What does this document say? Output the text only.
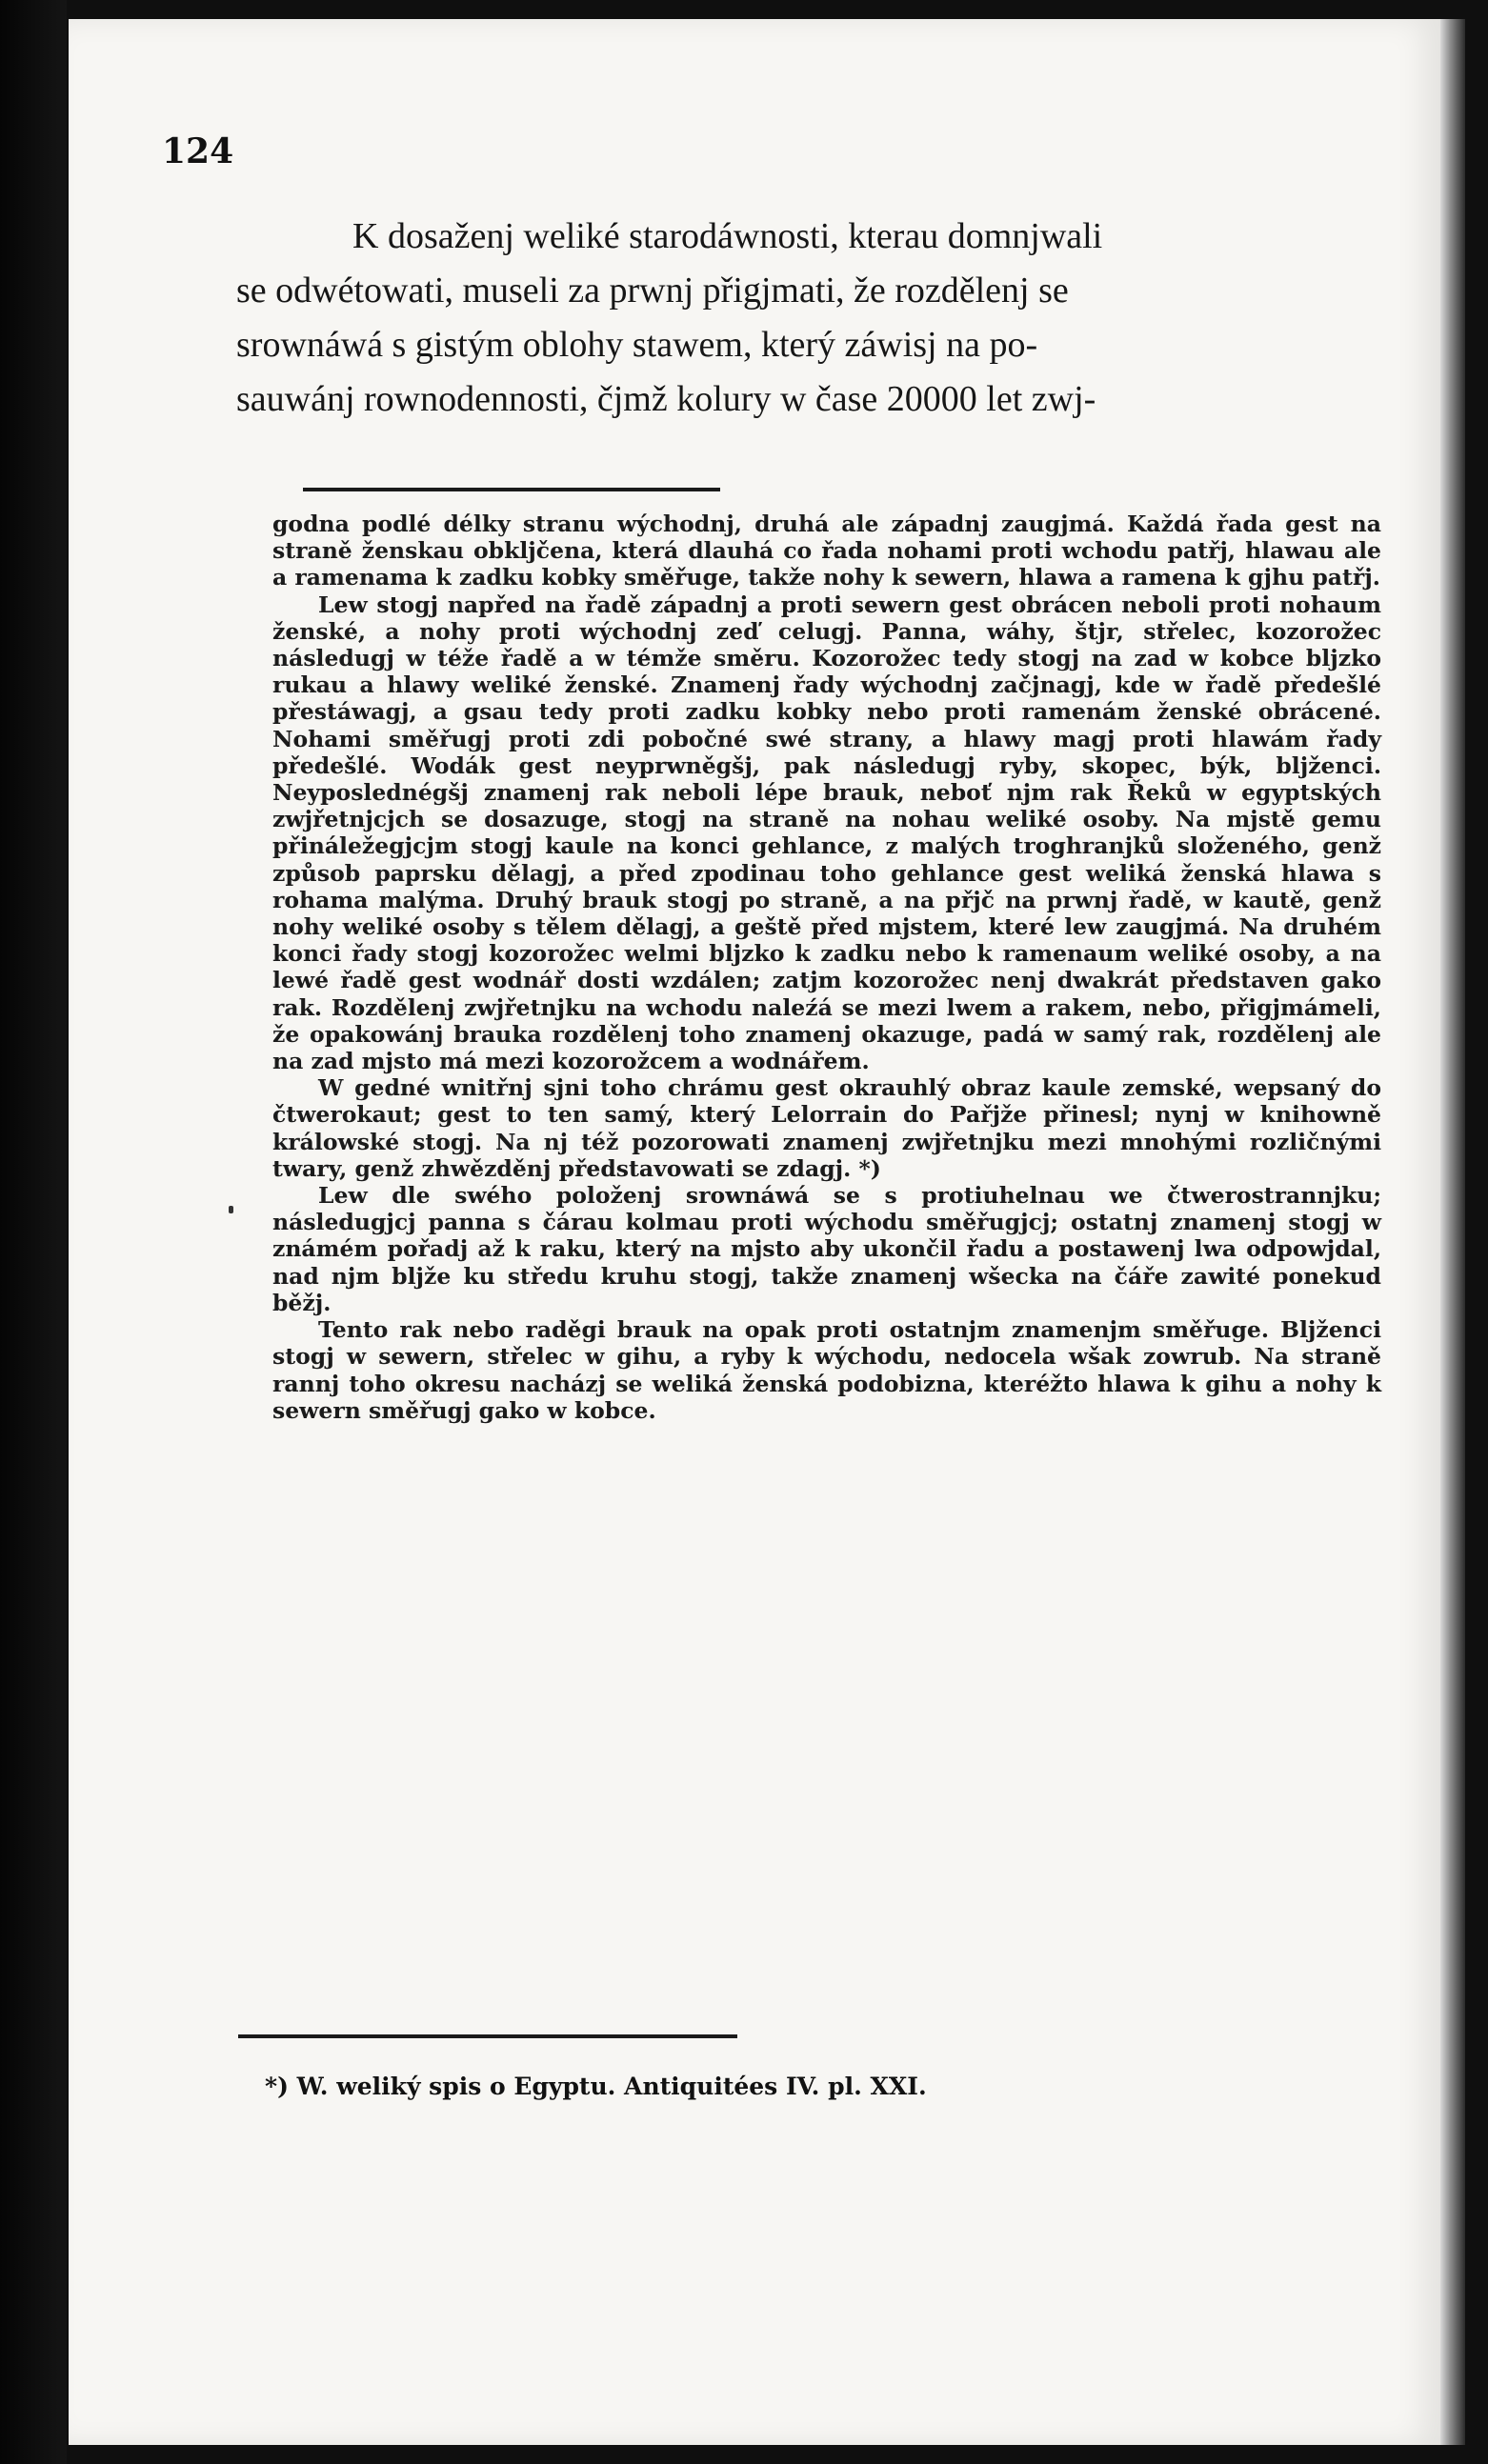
124
K dosaženj weliké starodáwnosti, kterau domnjwali
se odwétowati, museli za prwnj přigjmati, že rozdělenj se
srownáwá s gistým oblohy stawem, který záwisj na po-
sauwánj rownodennosti, čjmž kolury w čase 20000 let zwj-

godna podlé délky stranu wýchodnj, druhá ale západnj zaugjmá. Každá řada gest na straně ženskau obkljčena, která dlauhá co řada nohami proti wchodu patřj, hlawau ale a ramenama k zadku kobky směřuge, takže nohy k sewern, hlawa a ramena k gjhu patřj.

Lew stogj napřed na řadě západnj a proti sewern gest obrácen neboli proti nohaum ženské, a nohy proti wýchodnj zeď celugj. Panna, wáhy, štjr, střelec, kozorožec následugj w téže řadě a w témže směru. Kozorožec tedy stogj na zad w kobce bljzko rukau a hlawy weliké ženské. Znamenj řady wýchodnj začjnagj, kde w řadě předešlé přestáwagj, a gsau tedy proti zadku kobky nebo proti ramenám ženské obrácené. Nohami směřugj proti zdi pobočné swé strany, a hlawy magj proti hlawám řady předešlé. Wodák gest neyprwněgšj, pak následugj ryby, skopec, býk, bljženci. Neyposlednégšj znamenj rak neboli lépe brauk, neboť njm rak Řeků w egyptských zwjřetnjcjch se dosazuge, stogj na straně na nohau weliké osoby. Na mjstě gemu přináležegjcjm stogj kaule na konci gehlance, z malých troghranjků složeného, genž způsob paprsku dělagj, a před zpodinau toho gehlance gest weliká ženská hlawa s rohama malýma. Druhý brauk stogj po straně, a na přjč na prwnj řadě, w kautě, genž nohy weliké osoby s tělem dělagj, a geště před mjstem, které lew zaugjmá. Na druhém konci řady stogj kozorožec welmi bljzko k zadku nebo k ramenaum weliké osoby, a na lewé řadě gest wodnář dosti wzdálen; zatjm kozorožec nenj dwakrát představen gako rak. Rozdělenj zwjřetnjku na wchodu naleźá se mezi lwem a rakem, nebo, přigjmámeli, že opakowánj brauka rozdělenj toho znamenj okazuge, padá w samý rak, rozdělenj ale na zad mjsto má mezi kozorožcem a wodnářem.

W gedné wnitřnj sjni toho chrámu gest okrauhlý obraz kaule zemské, wepsaný do čtwerokaut; gest to ten samý, který Lelorrain do Pařjže přinesl; nynj w knihowně králowské stogj. Na nj též pozorowati znamenj zwjřetnjku mezi mnohými rozličnými twary, genž zhwězděnj představowati se zdagj. *)

Lew dle swého položenj srownáwá se s protiuhelnau we čtwerostrannjku; následugjcj panna s čárau kolmau proti wýchodu směřugjcj; ostatnj znamenj stogj w známém pořadj až k raku, který na mjsto aby ukončil řadu a postawenj lwa odpowjdal, nad njm bljže ku středu kruhu stogj, takže znamenj wšecka na čáře zawité ponekud běžj.

Tento rak nebo raděgi brauk na opak proti ostatnjm znamenjm směřuge. Bljženci stogj w sewern, střelec w gihu, a ryby k wýchodu, nedocela wšak zowrub. Na straně rannj toho okresu nacházj se weliká ženská podobizna, kteréžto hlawa k gihu a nohy k sewern směřugj gako w kobce.

*) W. weliký spis o Egyptu. Antiquitées IV. pl. XXI.
